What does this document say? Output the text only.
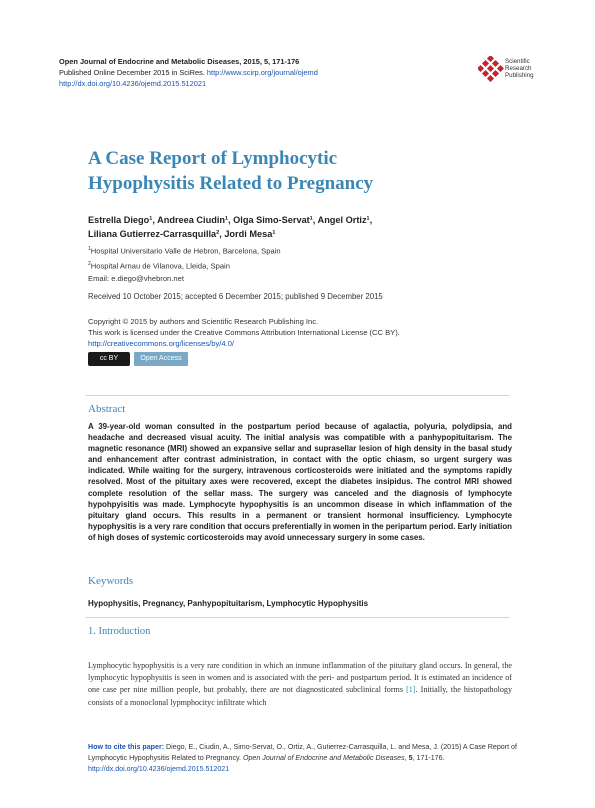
Open Journal of Endocrine and Metabolic Diseases, 2015, 5, 171-176
Published Online December 2015 in SciRes. http://www.scirp.org/journal/ojemd
http://dx.doi.org/10.4236/ojemd.2015.512021
Scientific
Research
Publishing
A Case Report of Lymphocytic
Hypophysitis Related to Pregnancy
Estrella Diego¹, Andreea Ciudin¹, Olga Simo-Servat¹, Angel Ortiz¹,
Liliana Gutierrez-Carrasquilla², Jordi Mesa¹
$^1$Hospital Universitario Valle de Hebron, Barcelona, Spain
$^2$Hospital Arnau de Vilanova, Lleida, Spain
Email: e.diego@vhebron.net
Received 10 October 2015; accepted 6 December 2015; published 9 December 2015
Copyright © 2015 by authors and Scientific Research Publishing Inc.
This work is licensed under the Creative Commons Attribution International License (CC BY).
http://creativecommons.org/licenses/by/4.0/
cc BY	Open Access
Abstract
A 39-year-old woman consulted in the postpartum period because of agalactia, polyuria, polydipsia, and headache and decreased visual acuity. The initial analysis was compatible with a panhypopituitarism. The magnetic resonance (MRI) showed an expansive sellar and suprasellar lesion of high density in the basal study and enhancement after contrast administration, in contact with the optic chiasm, so urgent surgery was indicated. While waiting for the surgery, intravenous corticosteroids were initiated and the symptoms rapidly resolved. Most of the pituitary axes were recovered, except the diabetes insipidus. The control MRI showed complete resolution of the sellar mass. The surgery was canceled and the diagnosis of lymphocyte hypohpyisitis was made. Lymphocyte hypophysitis is an uncommon disease in which inflammation of the pituitary gland occurs. This results in a permanent or transient hormonal insufficiency. Lymphocyte hypophysitis is a very rare condition that occurs preferentially in women in the peripartum period. Early initiation of high doses of systemic corticosteroids may avoid unnecessary surgery in some cases.
Keywords
Hypophysitis, Pregnancy, Panhypopituitarism, Lymphocytic Hypophysitis
1. Introduction
Lymphocytic hypophysitis is a very rare condition in which an inmune inflammation of the pituitary gland occurs. In general, the lymphocytic hypophysitis is seen in women and is associated with the peri- and postpartum period. It is estimated an incidence of one case per nine million people, but probably, there are not diagnosticated subclinical forms [1]. Initially, the histopathology consists of a monoclonal lypmphocityc infiltrate which
How to cite this paper: Diego, E., Ciudin, A., Simo-Servat, O., Ortiz, A., Gutierrez-Carrasquilla, L. and Mesa, J. (2015) A Case Report of Lymphocytic Hypophysitis Related to Pregnancy. Open Journal of Endocrine and Metabolic Diseases, 5, 171-176.
http://dx.doi.org/10.4236/ojemd.2015.512021
